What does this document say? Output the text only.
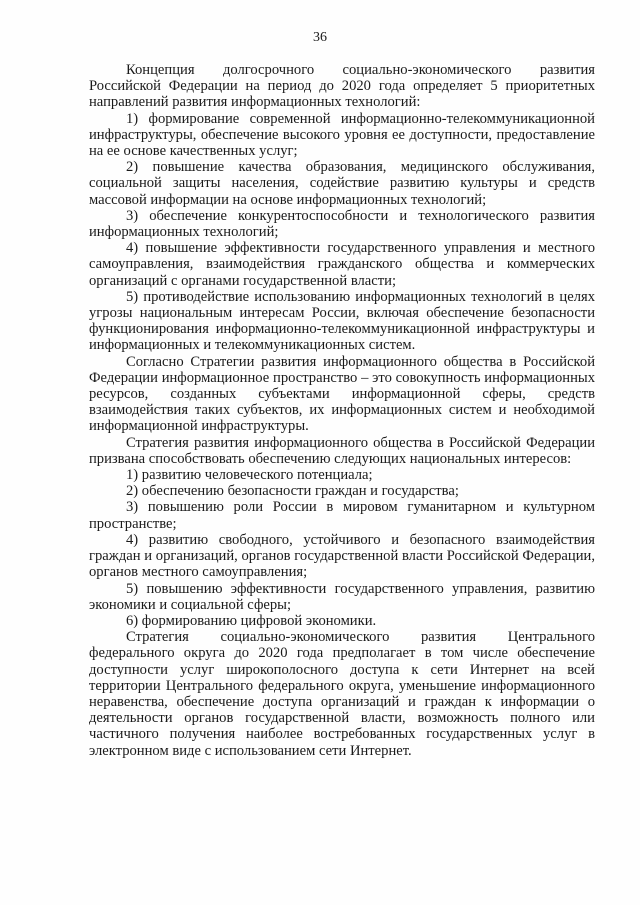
36

Концепция долгосрочного социально-экономического развития Российской Федерации на период до 2020 года определяет 5 приоритетных направлений развития информационных технологий:

1) формирование современной информационно-телекоммуникационной инфраструктуры, обеспечение высокого уровня ее доступности, предоставление на ее основе качественных услуг;

2) повышение качества образования, медицинского обслуживания, социальной защиты населения, содействие развитию культуры и средств массовой информации на основе информационных технологий;

3) обеспечение конкурентоспособности и технологического развития информационных технологий;

4) повышение эффективности государственного управления и местного самоуправления, взаимодействия гражданского общества и коммерческих организаций с органами государственной власти;

5) противодействие использованию информационных технологий в целях угрозы национальным интересам России, включая обеспечение безопасности функционирования информационно-телекоммуникационной инфраструктуры и информационных и телекоммуникационных систем.

Согласно Стратегии развития информационного общества в Российской Федерации информационное пространство – это совокупность информационных ресурсов, созданных субъектами информационной сферы, средств взаимодействия таких субъектов, их информационных систем и необходимой информационной инфраструктуры.

Стратегия развития информационного общества в Российской Федерации призвана способствовать обеспечению следующих национальных интересов:

1) развитию человеческого потенциала;

2) обеспечению безопасности граждан и государства;

3) повышению роли России в мировом гуманитарном и культурном пространстве;

4) развитию свободного, устойчивого и безопасного взаимодействия граждан и организаций, органов государственной власти Российской Федерации, органов местного самоуправления;

5) повышению эффективности государственного управления, развитию экономики и социальной сферы;

6) формированию цифровой экономики.

Стратегия социально-экономического развития Центрального федерального округа до 2020 года предполагает в том числе обеспечение доступности услуг широкополосного доступа к сети Интернет на всей территории Центрального федерального округа, уменьшение информационного неравенства, обеспечение доступа организаций и граждан к информации о деятельности органов государственной власти, возможность полного или частичного получения наиболее востребованных государственных услуг в электронном виде с использованием сети Интернет.
